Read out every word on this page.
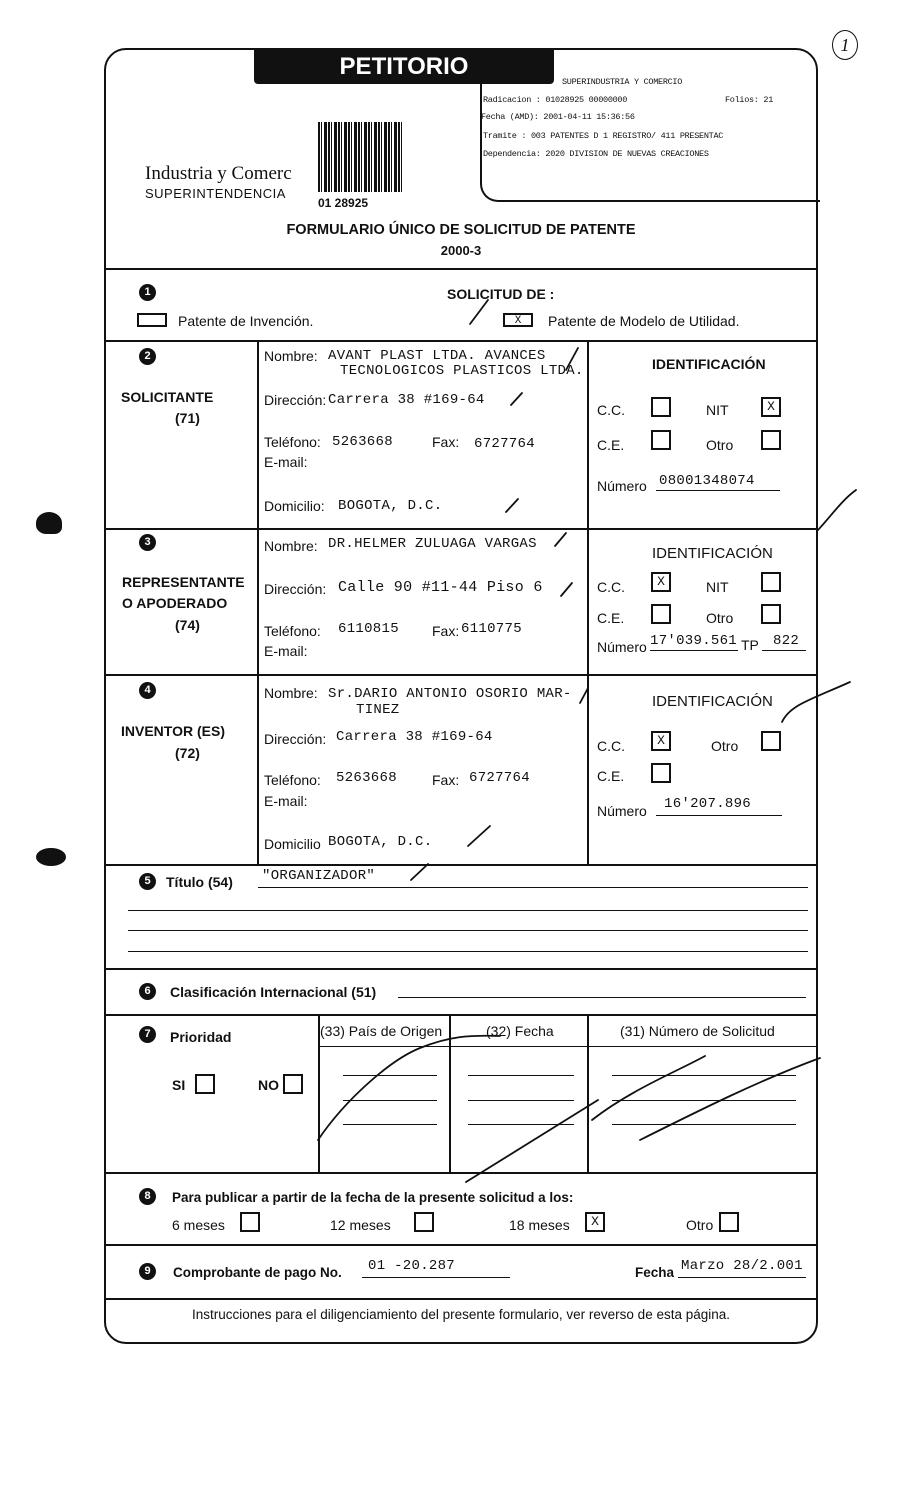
1
PETITORIO
Industria y Comerc
SUPERINTENDENCIA
01 28925
SUPERINDUSTRIA Y COMERCIO
Radicacion : 01028925 00000000	Folios: 21
Fecha (AMD): 2001-04-11 15:36:56
Tramite : 003 PATENTES D 1 REGISTRO/ 411 PRESENTAC
Dependencia: 2020 DIVISION DE NUEVAS CREACIONES
FORMULARIO ÚNICO DE SOLICITUD DE PATENTE
2000-3
1	SOLICITUD DE :
Patente de Invención.	X	Patente de Modelo de Utilidad.
2
SOLICITANTE
(71)
Nombre: AVANT PLAST LTDA. AVANCES
TECNOLOGICOS PLASTICOS LTDA.
Dirección: Carrera 38 #169-64
Teléfono: 5263668	Fax: 6727764
E-mail:
Domicilio: BOGOTA, D.C.
IDENTIFICACIÓN
C.C.	NIT	X
C.E.	Otro
Número 08001348074
3
REPRESENTANTE
O APODERADO
(74)
Nombre: DR.HELMER ZULUAGA VARGAS
Dirección: Calle 90 #11-44 Piso 6
Teléfono: 6110815 Fax: 6110775
E-mail:
IDENTIFICACIÓN
C.C.	X	NIT
C.E.	Otro
Número 17'039.561 TP 822
4
INVENTOR (ES)
(72)
Nombre: Sr.DARIO ANTONIO OSORIO MAR-
TINEZ
Dirección: Carrera 38 #169-64
Teléfono: 5263668	Fax: 6727764
E-mail:
Domicilio BOGOTA, D.C.
IDENTIFICACIÓN
C.C.	X	Otro
C.E.
Número 16'207.896
5	Título (54) "ORGANIZADOR"
6	Clasificación Internacional (51)
7	Prioridad
SI	NO
(33) País de Origen	(32) Fecha	(31) Número de Solicitud
8	Para publicar a partir de la fecha de la presente solicitud a los:
6 meses	12 meses	18 meses	X	Otro
9	Comprobante de pago No. 01 -20.287	Fecha Marzo 28/2.001
Instrucciones para el diligenciamiento del presente formulario, ver reverso de esta página.
